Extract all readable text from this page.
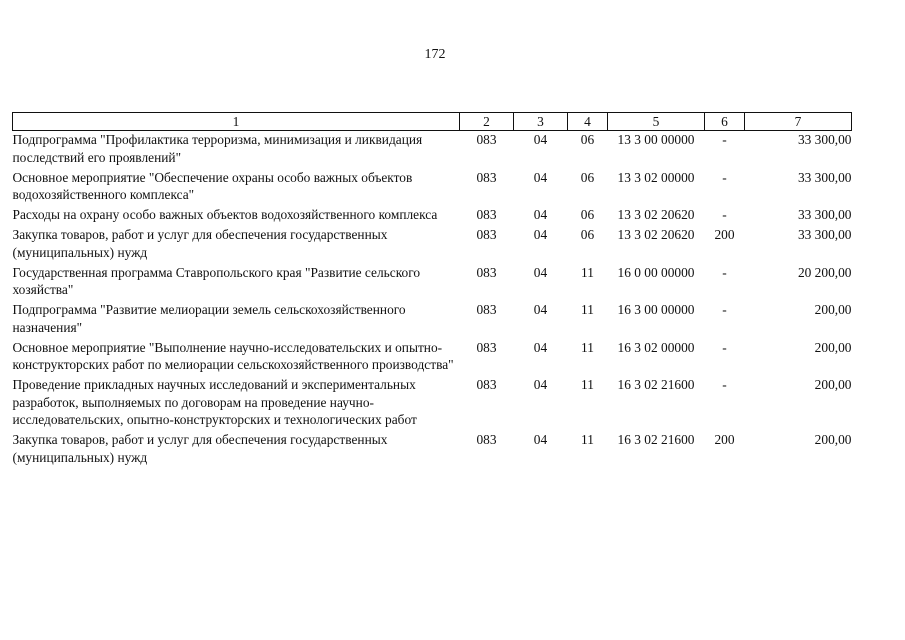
172
1	2	3	4	5	6	7
Подпрограмма "Профилактика терроризма, минимизация и ликвидация последствий его проявлений"	083	04	06	13 3 00 00000	-	33 300,00
Основное мероприятие "Обеспечение охраны особо важных объектов водохозяйственного комплекса"	083	04	06	13 3 02 00000	-	33 300,00
Расходы на охрану особо важных объектов водохозяйственного комплекса	083	04	06	13 3 02 20620	-	33 300,00
Закупка товаров, работ и услуг для обеспечения государственных (муниципальных) нужд	083	04	06	13 3 02 20620	200	33 300,00
Государственная программа Ставропольского края "Развитие сельского хозяйства"	083	04	11	16 0 00 00000	-	20 200,00
Подпрограмма "Развитие мелиорации земель сельскохозяйственного назначения"	083	04	11	16 3 00 00000	-	200,00
Основное мероприятие "Выполнение научно-исследовательских и опытно-конструкторских работ по мелиорации сельскохозяйственного производства"	083	04	11	16 3 02 00000	-	200,00
Проведение прикладных научных исследований и экспериментальных разработок, выполняемых по договорам на проведение научно-исследовательских, опытно-конструкторских и технологических работ	083	04	11	16 3 02 21600	-	200,00
Закупка товаров, работ и услуг для обеспечения государственных (муниципальных) нужд	083	04	11	16 3 02 21600	200	200,00
